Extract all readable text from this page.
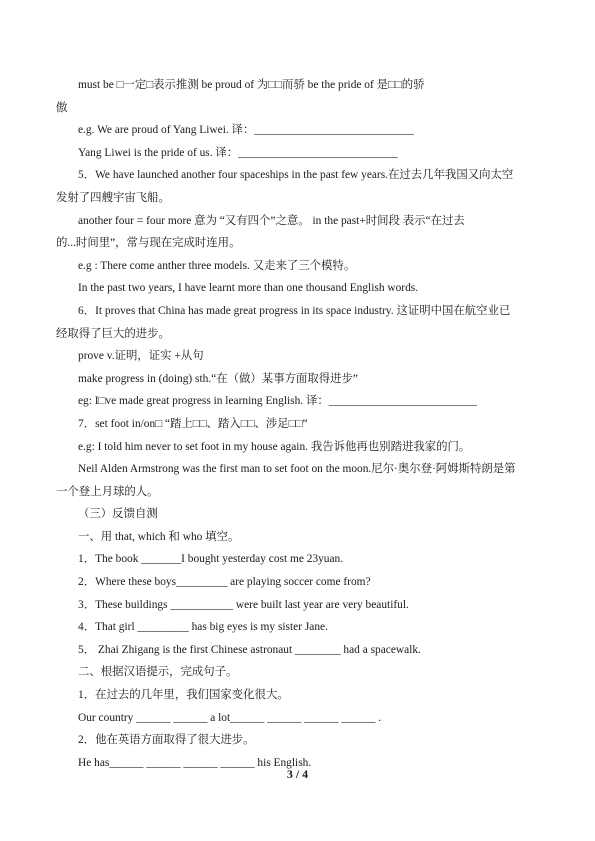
must be □一定□表示推测 be proud of 为□□而骄 be the pride of 是□□的骄
傲
e.g. We are proud of Yang Liwei. 译：____________________________
Yang Liwei is the pride of us. 译：____________________________
5．We have launched another four spaceships in the past few years.在过去几年我国又向太空
发射了四艘宇宙飞船。
another four = four more 意为 “又有四个”之意。 in the past+时间段 表示“在过去
的...时间里”，常与现在完成时连用。
e.g : There come anther three models. 又走来了三个模特。
In the past two years, I have learnt more than one thousand English words.
6．It proves that China has made great progress in its space industry. 这证明中国在航空业已
经取得了巨大的进步。
prove v.证明，证实 +从句
make progress in (doing) sth.“在（做）某事方面取得进步”
eg: I□ve made great progress in learning English. 译：__________________________
7．set foot in/on□ “踏上□□、踏入□□、涉足□□”
e.g: I told him never to set foot in my house again. 我告诉他再也别踏进我家的门。
Neil Alden Armstrong was the first man to set foot on the moon.尼尔·奥尔登·阿姆斯特朗是第
一个登上月球的人。
（三）反馈自测
一、用 that, which 和 who 填空。
1．The book _______I bought yesterday cost me 23yuan.
2．Where these boys_________ are playing soccer come from?
3．These buildings ___________ were built last year are very beautiful.
4．That girl _________ has big eyes is my sister Jane.
5． Zhai Zhigang is the first Chinese astronaut ________ had a spacewalk.
二、根据汉语提示，完成句子。
1．在过去的几年里，我们国家变化很大。
Our country ______ ______ a lot______ ______ ______ ______ .
2．他在英语方面取得了很大进步。
He has______ ______ ______ ______ his English.
3 / 4
